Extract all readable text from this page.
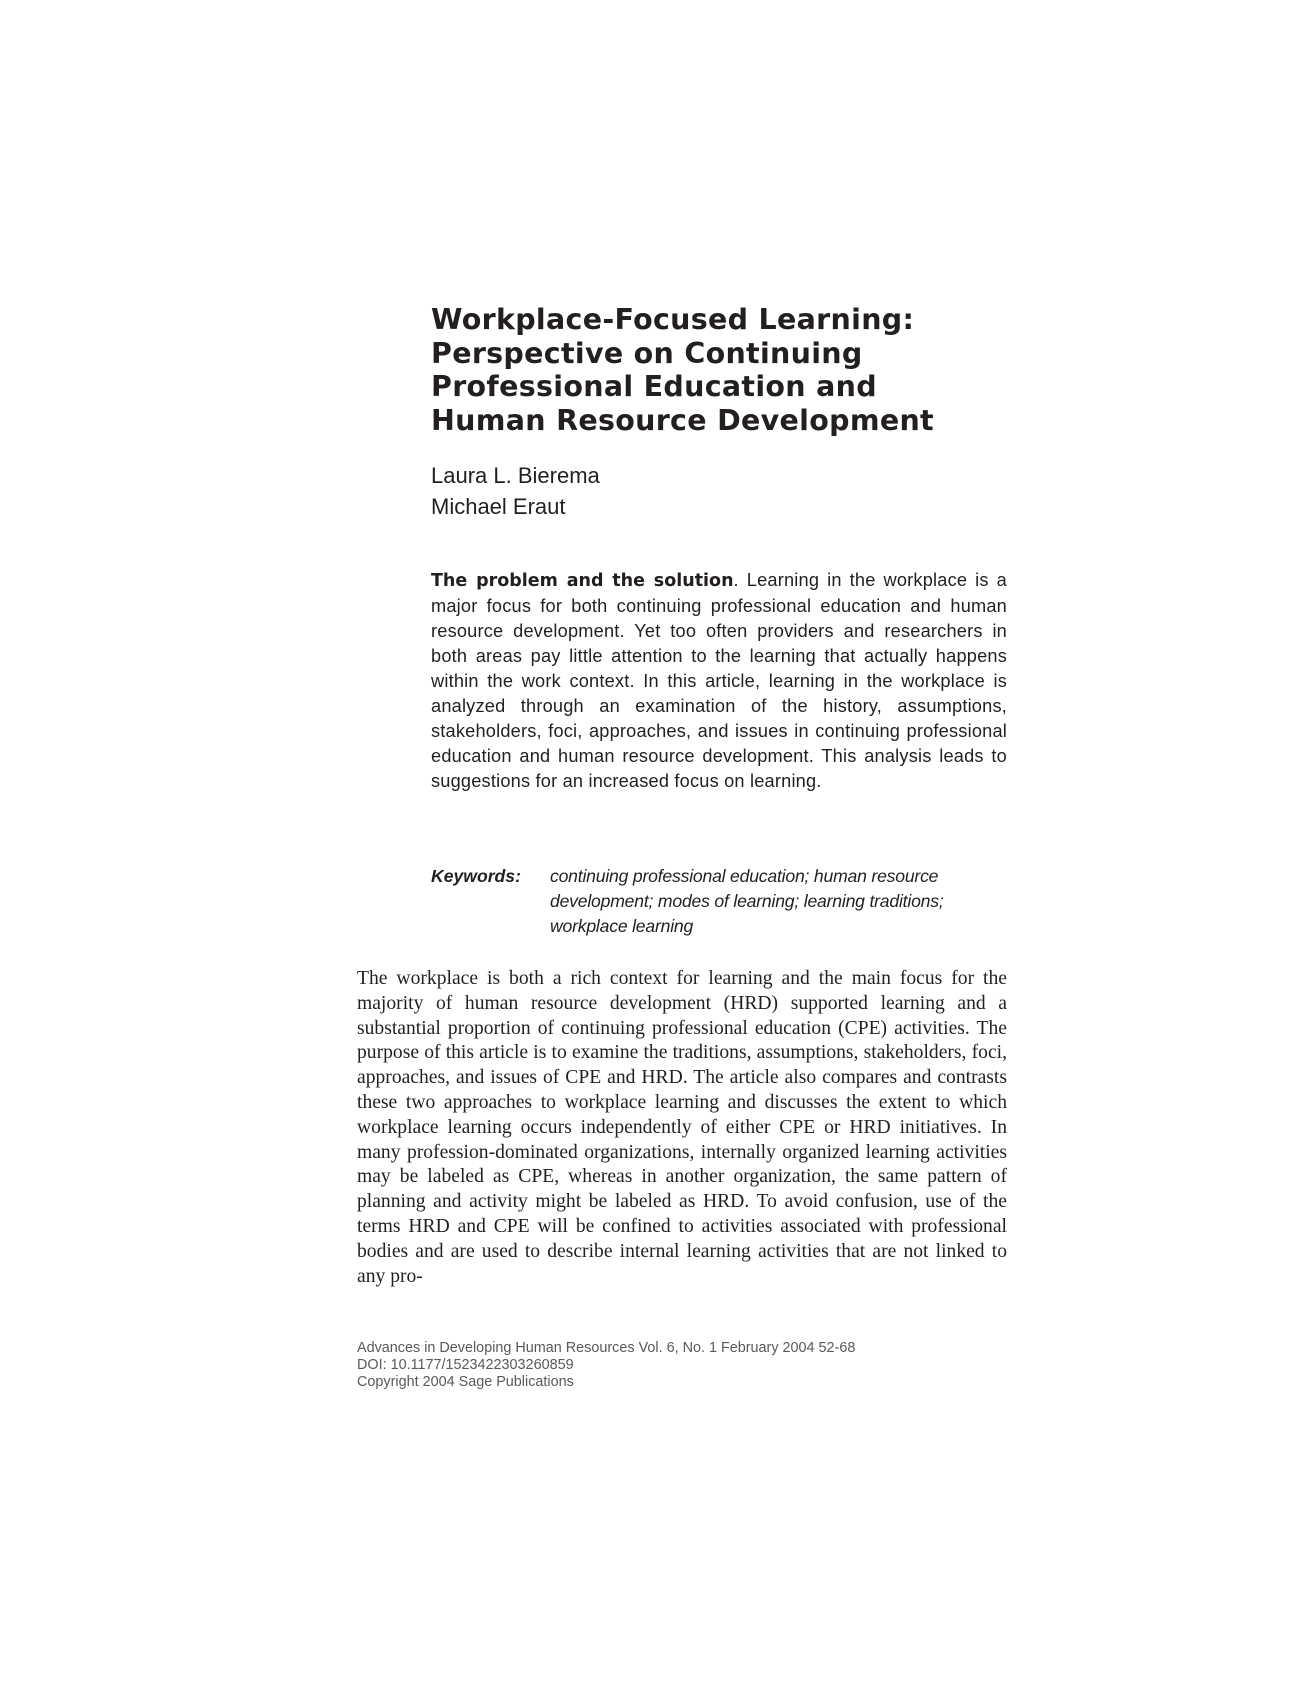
Workplace-Focused Learning:
Perspective on Continuing
Professional Education and
Human Resource Development
Laura L. Bierema
Michael Eraut

The problem and the solution. Learning in the workplace is a major focus for both continuing professional education and human resource development. Yet too often providers and researchers in both areas pay little attention to the learning that actually happens within the work context. In this article, learning in the workplace is analyzed through an examination of the history, assumptions, stakeholders, foci, approaches, and issues in continuing professional education and human resource development. This analysis leads to suggestions for an increased focus on learning.

Keywords: continuing professional education; human resource development; modes of learning; learning traditions; workplace learning

The workplace is both a rich context for learning and the main focus for the majority of human resource development (HRD) supported learning and a substantial proportion of continuing professional education (CPE) activities. The purpose of this article is to examine the traditions, assumptions, stakeholders, foci, approaches, and issues of CPE and HRD. The article also compares and contrasts these two approaches to workplace learning and discusses the extent to which workplace learning occurs independently of either CPE or HRD initiatives. In many profession-dominated organizations, internally organized learning activities may be labeled as CPE, whereas in another organization, the same pattern of planning and activity might be labeled as HRD. To avoid confusion, use of the terms HRD and CPE will be confined to activities associated with professional bodies and are used to describe internal learning activities that are not linked to any pro-

Advances in Developing Human Resources Vol. 6, No. 1 February 2004 52-68
DOI: 10.1177/1523422303260859
Copyright 2004 Sage Publications
